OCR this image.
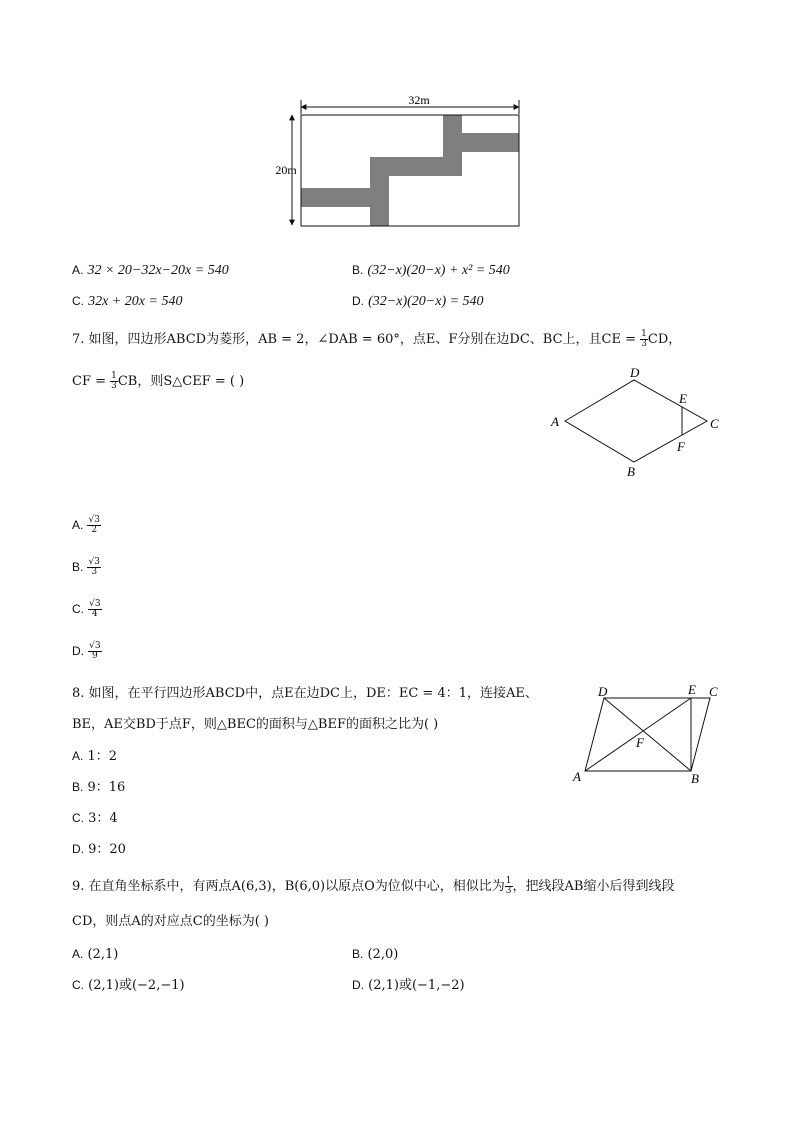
32m
20m
A. 32 × 20−32x−20x = 540	B. (32−x)(20−x) + x² = 540
C. 32x + 20x = 540	D. (32−x)(20−x) = 540
7. 如图，四边形ABCD为菱形，AB = 2，∠DAB = 60°，点E、F分别在边DC、BC上，且CE = $\frac{1}{3}$ CD，
CF = $\frac{1}{3}$ CB，则S△CEF = ( )
A
D
E
C
F
B
A. $\frac{√3}{2}$
B. $\frac{√3}{3}$
C. $\frac{√3}{4}$
D. $\frac{√3}{9}$
8. 如图，在平行四边形ABCD中，点E在边DC上，DE：EC = 4：1，连接AE、
BE，AE交BD于点F，则△BEC的面积与△BEF的面积之比为( )
D	E C
F
A	B
A. 1：2
B. 9：16
C. 3：4
D. 9：20
9. 在直角坐标系中，有两点A(6,3)，B(6,0)以原点O为位似中心，相似比为 $\frac{1}{3}$ ，把线段AB缩小后得到线段
CD，则点A的对应点C的坐标为( )
A. (2,1)	B. (2,0)
C. (2,1)或(−2,−1)	D. (2,1)或(−1,−2)
